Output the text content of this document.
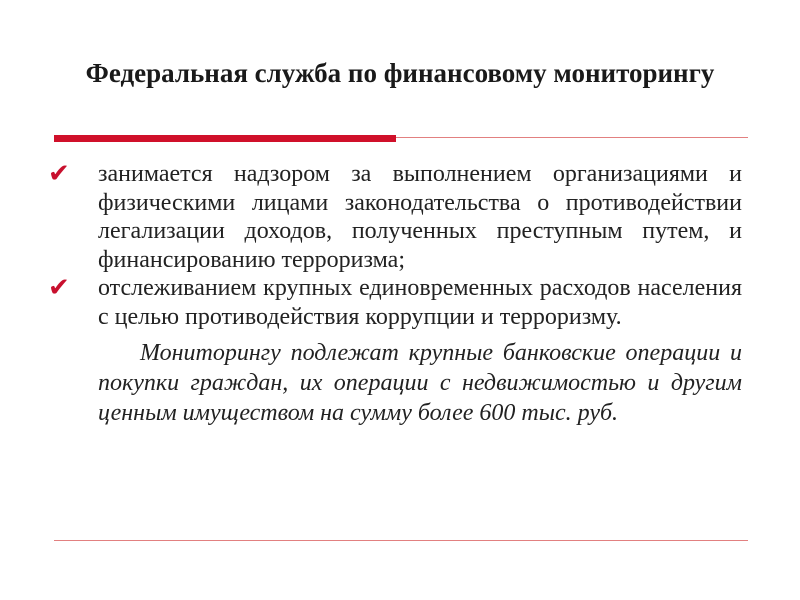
Федеральная служба по финансовому мониторингу
✔	занимается надзором за выполнением организациями и физическими лицами законодательства о противодействии легализации доходов, полученных преступным путем, и финансированию терроризма;
✔	отслеживанием крупных единовременных расходов населения с целью противодействия коррупции и терроризму.
Мониторингу подлежат крупные банковские операции и покупки граждан, их операции с недвижимостью и другим ценным имуществом на сумму более 600 тыс. руб.
